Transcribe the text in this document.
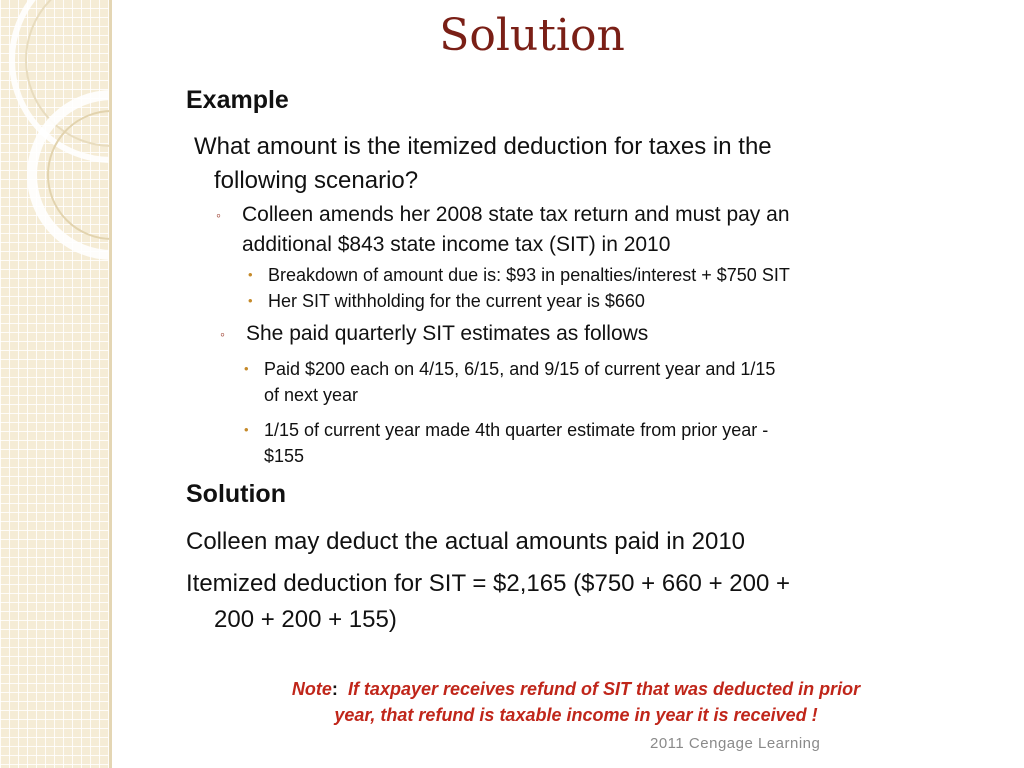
Solution
Example
What amount is the itemized deduction for taxes in the
following scenario?
◦ Colleen amends her 2008 state tax return and must pay an
additional $843 state income tax (SIT) in 2010
• Breakdown of amount due is: $93 in penalties/interest + $750 SIT
• Her SIT withholding for the current year is $660
◦ She paid quarterly SIT estimates as follows
• Paid $200 each on 4/15, 6/15, and 9/15 of current year and 1/15
of next year
• 1/15 of current year made 4th quarter estimate from prior year -
$155
Solution
Colleen may deduct the actual amounts paid in 2010
Itemized deduction for SIT = $2,165 ($750 + 660 + 200 +
200 + 200 + 155)
Note: If taxpayer receives refund of SIT that was deducted in prior
year, that refund is taxable income in year it is received !
2011 Cengage Learning
